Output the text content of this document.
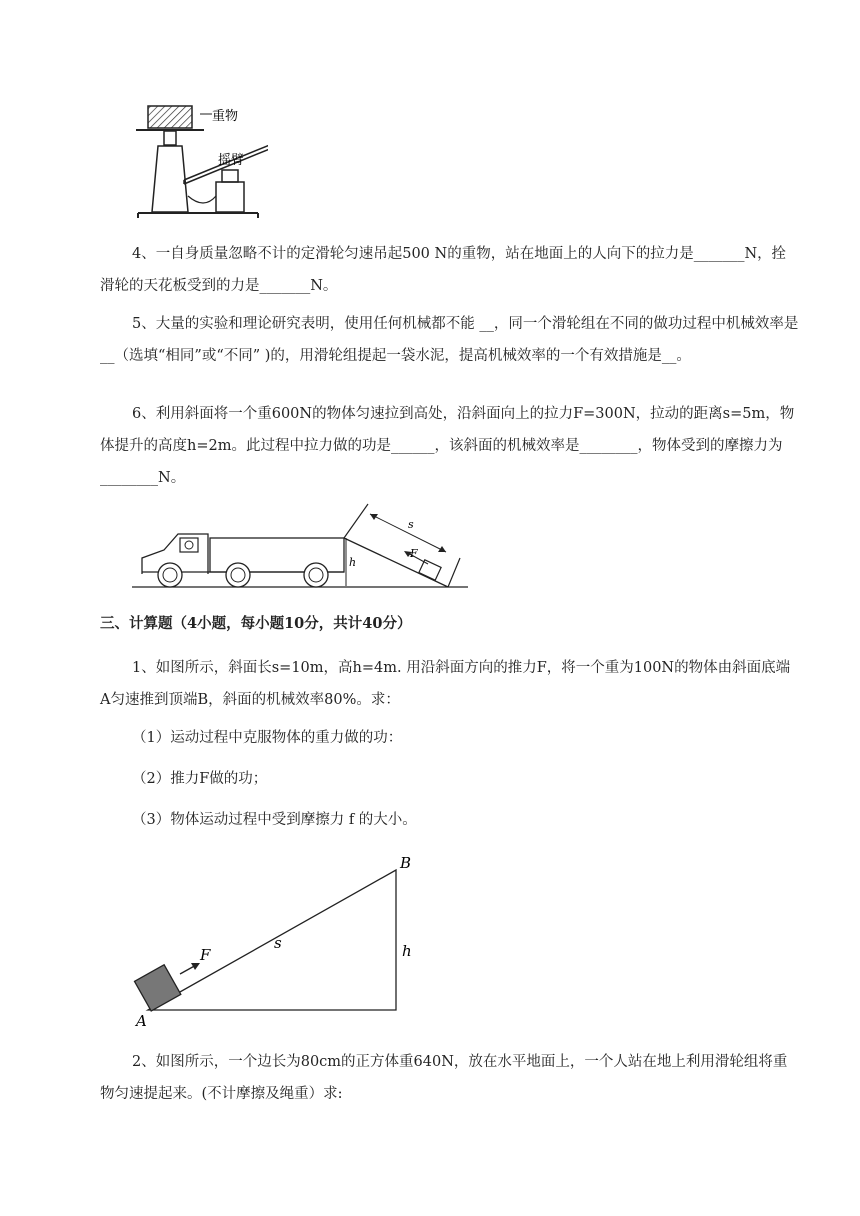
重物
摇臂
4、一自身质量忽略不计的定滑轮匀速吊起500 N的重物，站在地面上的人向下的拉力是_______N，拴滑轮的天花板受到的力是_______N。
5、大量的实验和理论研究表明，使用任何机械都不能 __，同一个滑轮组在不同的做功过程中机械效率是 __（选填“相同”或“不同” )的，用滑轮组提起一袋水泥，提高机械效率的一个有效措施是__。
6、利用斜面将一个重600N的物体匀速拉到高处，沿斜面向上的拉力F=300N，拉动的距离s=5m，物体提升的高度h=2m。此过程中拉力做的功是______，该斜面的机械效率是________，物体受到的摩擦力为________N。
s
F
h
三、计算题（4小题，每小题10分，共计40分）
1、如图所示，斜面长s=10m，高h=4m. 用沿斜面方向的推力F，将一个重为100N的物体由斜面底端A匀速推到顶端B，斜面的机械效率80%。求：
（1）运动过程中克服物体的重力做的功：
（2）推力F做的功；
（3）物体运动过程中受到摩擦力 f 的大小。
A
B
s	h
F
2、如图所示，一个边长为80cm的正方体重640N，放在水平地面上，一个人站在地上利用滑轮组将重物匀速提起来。(不计摩擦及绳重）求:
